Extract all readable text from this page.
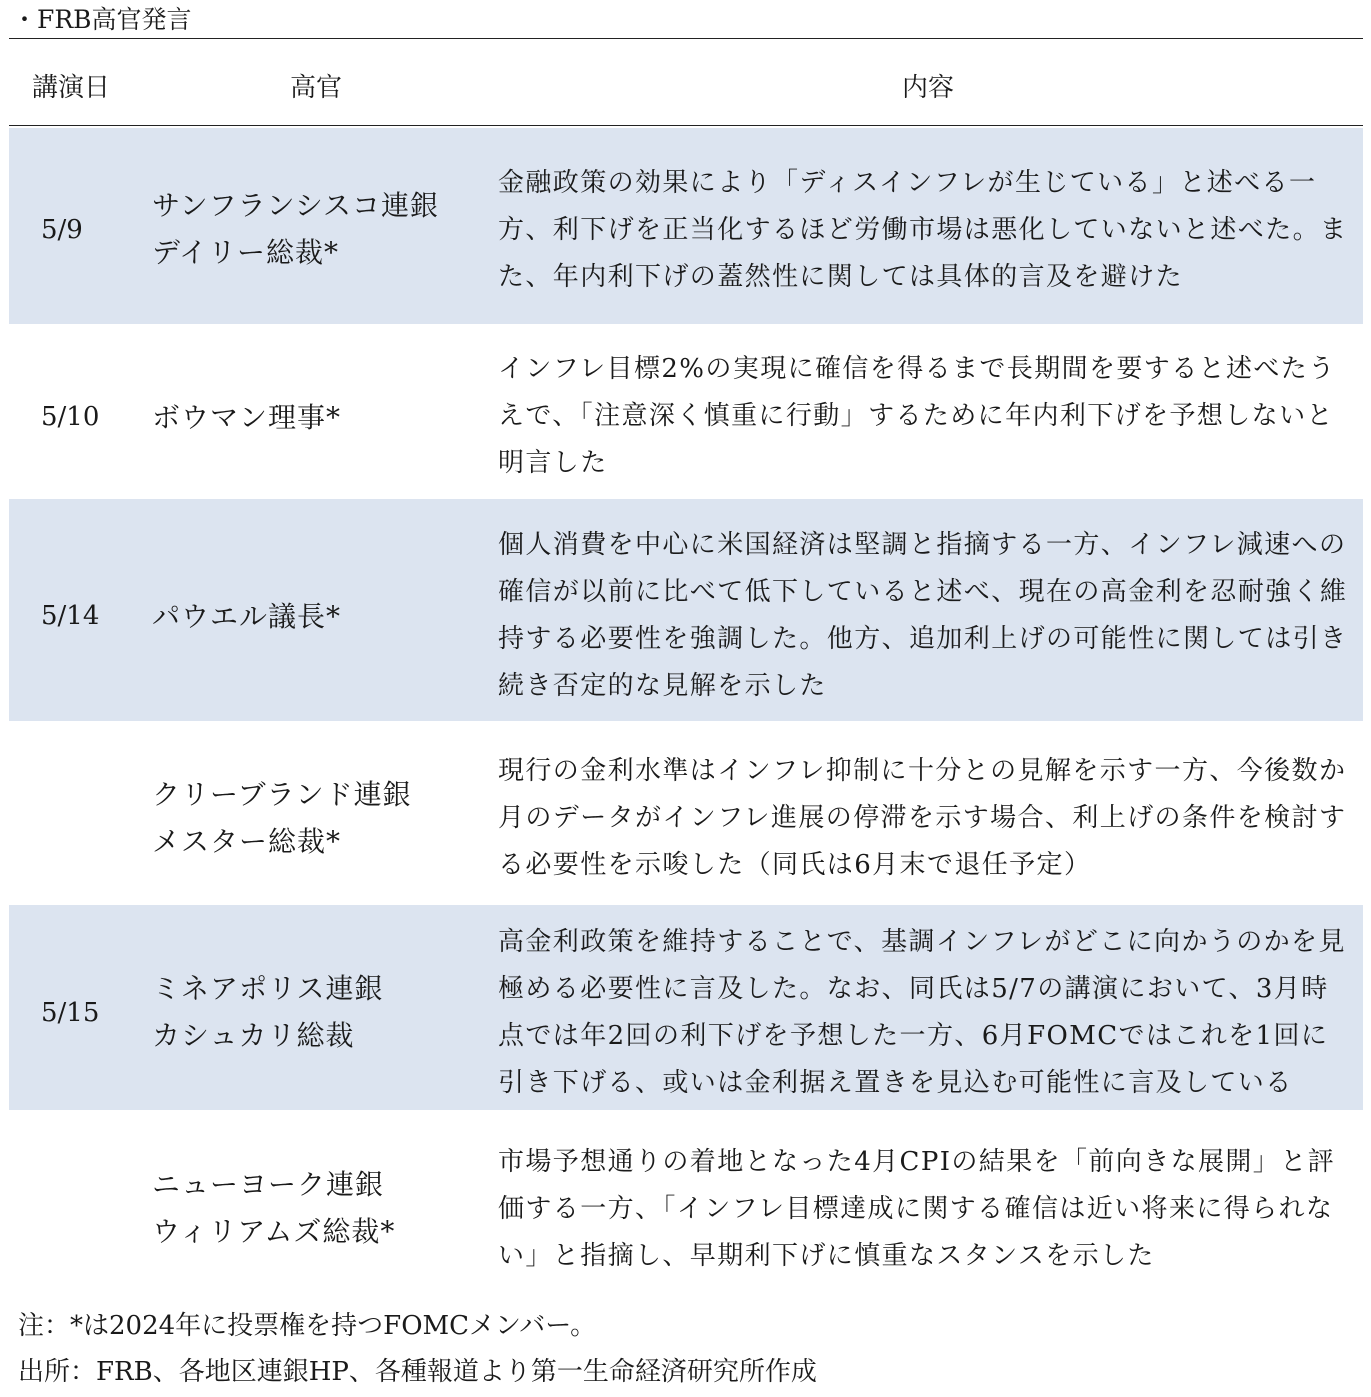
・FRB高官発言
講演日	高官	内容
5/9
サンフランシスコ連銀
デイリー総裁*
金融政策の効果により「ディスインフレが生じている」と述べる一方、利下げを正当化するほど労働市場は悪化していないと述べた。また、年内利下げの蓋然性に関しては具体的言及を避けた
5/10 ボウマン理事*
インフレ目標2%の実現に確信を得るまで長期間を要すると述べたうえで、「注意深く慎重に行動」するために年内利下げを予想しないと明言した
5/14 パウエル議長*
個人消費を中心に米国経済は堅調と指摘する一方、インフレ減速への確信が以前に比べて低下していると述べ、現在の高金利を忍耐強く維持する必要性を強調した。他方、追加利上げの可能性に関しては引き続き否定的な見解を示した
クリーブランド連銀
メスター総裁*
現行の金利水準はインフレ抑制に十分との見解を示す一方、今後数か月のデータがインフレ進展の停滞を示す場合、利上げの条件を検討する必要性を示唆した（同氏は6月末で退任予定）
5/15
ミネアポリス連銀
カシュカリ総裁
高金利政策を維持することで、基調インフレがどこに向かうのかを見極める必要性に言及した。なお、同氏は5/7の講演において、3月時点では年2回の利下げを予想した一方、6月FOMCではこれを1回に引き下げる、或いは金利据え置きを見込む可能性に言及している
ニューヨーク連銀
ウィリアムズ総裁*
市場予想通りの着地となった4月CPIの結果を「前向きな展開」と評価する一方、「インフレ目標達成に関する確信は近い将来に得られない」と指摘し、早期利下げに慎重なスタンスを示した
注：*は2024年に投票権を持つFOMCメンバー。
出所：FRB、各地区連銀HP、各種報道より第一生命経済研究所作成
